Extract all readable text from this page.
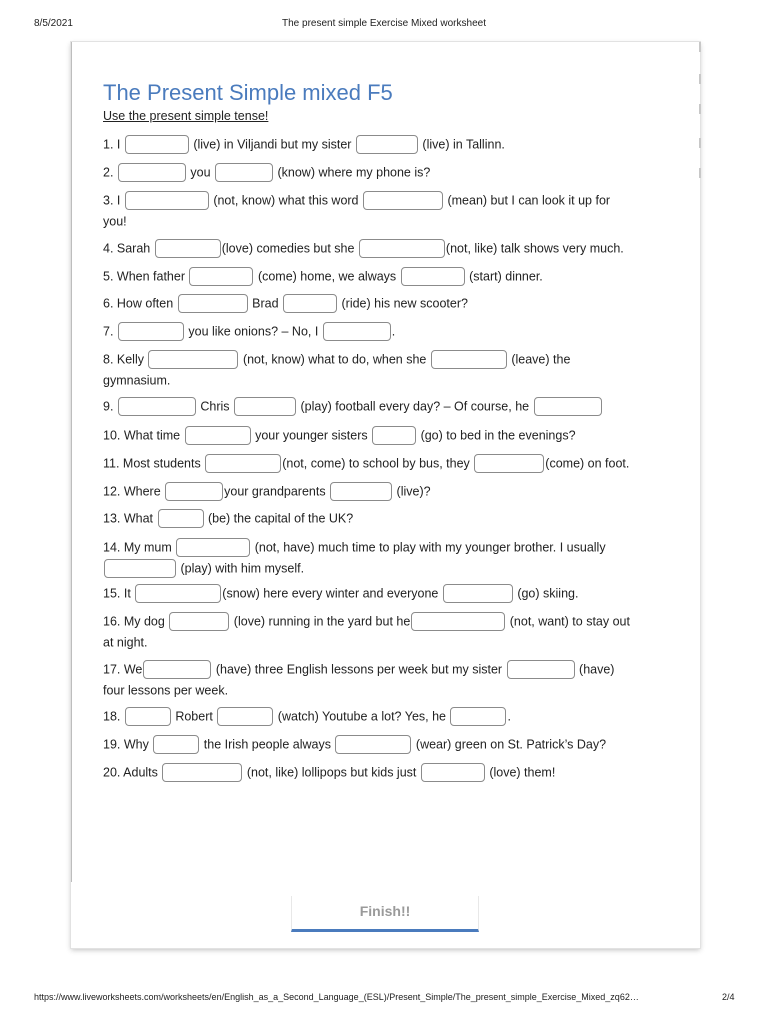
8/5/2021	The present simple Exercise Mixed worksheet
The Present Simple mixed F5
Use the present simple tense!
1. I	(live) in Viljandi but my sister	(live) in Tallinn.
2.	you	(know) where my phone is?
3. I	(not, know) what this word	(mean) but I can look it up for
you!
4. Sarah	(love) comedies but she	(not, like) talk shows very much.
5. When father	(come) home, we always	(start) dinner.
6. How often	Brad	(ride) his new scooter?
7.	you like onions? – No, I	.
8. Kelly	(not, know) what to do, when she	(leave) the
gymnasium.
9.	Chris	(play) football every day? – Of course, he
10. What time	your younger sisters	(go) to bed in the evenings?
11. Most students	(not, come) to school by bus, they	(come) on foot.
12. Where	your grandparents	(live)?
13. What	(be) the capital of the UK?
14. My mum	(not, have) much time to play with my younger brother. I usually
(play) with him myself.
15. It	(snow) here every winter and everyone	(go) skiing.
16. My dog	(love) running in the yard but he	(not, want) to stay out
at night.
17. We	(have) three English lessons per week but my sister	(have)
four lessons per week.
18.	Robert	(watch) Youtube a lot? Yes, he	.
19. Why	the Irish people always	(wear) green on St. Patrick’s Day?
20. Adults	(not, like) lollipops but kids just	(love) them!
Finish!!
https://www.liveworksheets.com/worksheets/en/English_as_a_Second_Language_(ESL)/Present_Simple/The_present_simple_Exercise_Mixed_zq62…	2/4
